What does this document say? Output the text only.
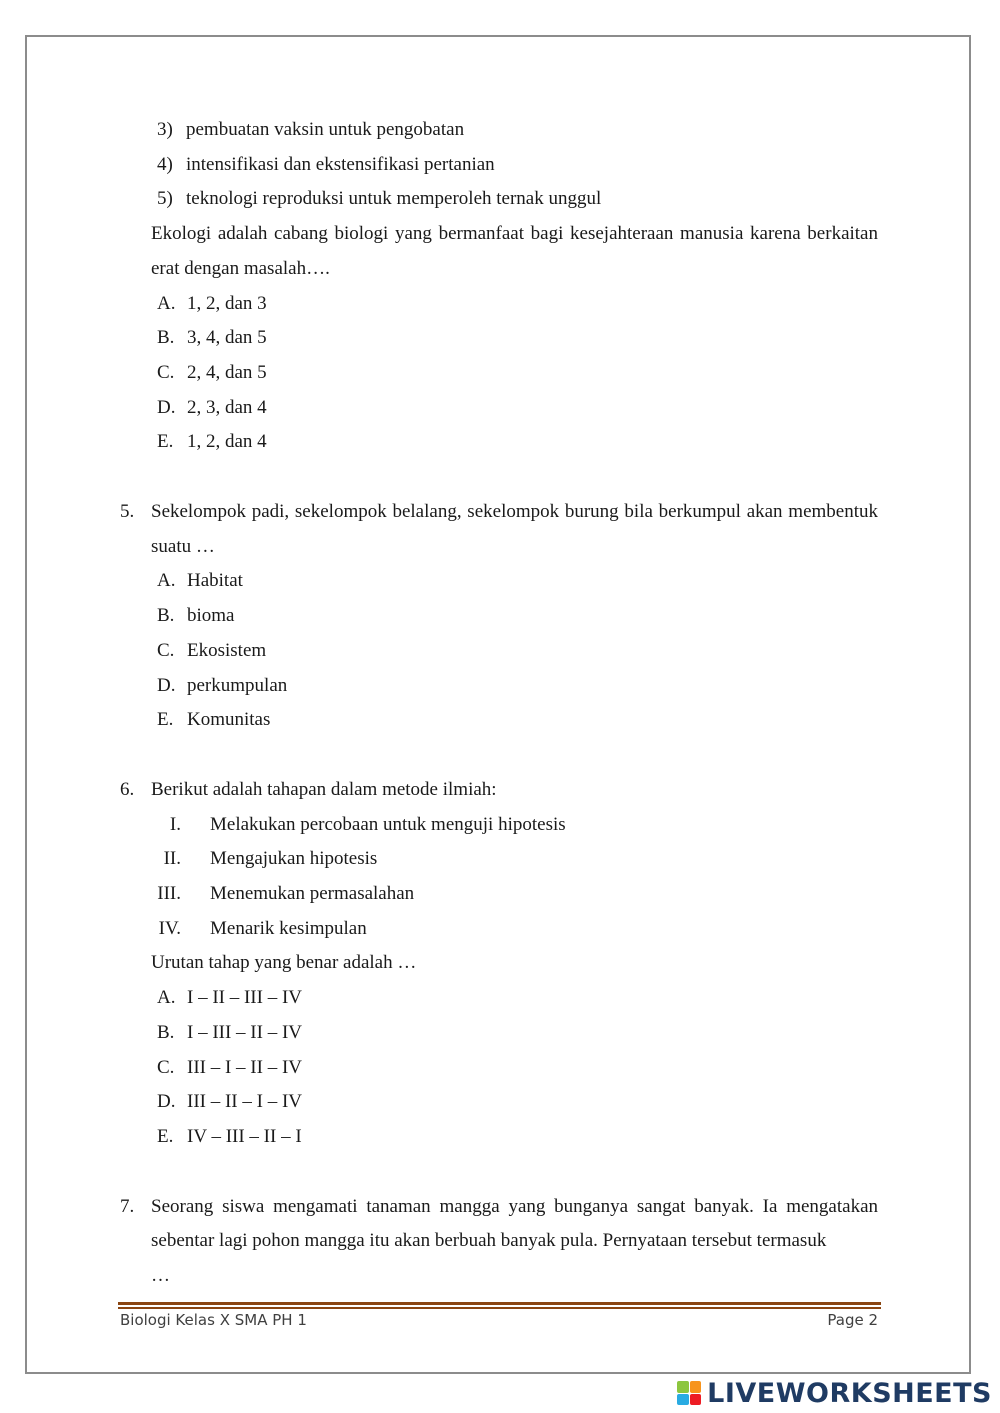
3) pembuatan vaksin untuk pengobatan
4) intensifikasi dan ekstensifikasi pertanian
5) teknologi reproduksi untuk memperoleh ternak unggul
Ekologi adalah cabang biologi yang bermanfaat bagi kesejahteraan manusia karena berkaitan erat dengan masalah….
A. 1, 2, dan 3
B. 3, 4, dan 5
C. 2, 4, dan 5
D. 2, 3, dan 4
E. 1, 2, dan 4
5. Sekelompok padi, sekelompok belalang, sekelompok burung bila berkumpul akan membentuk suatu …
A. Habitat
B. bioma
C. Ekosistem
D. perkumpulan
E. Komunitas
6. Berikut adalah tahapan dalam metode ilmiah:
I. Melakukan percobaan untuk menguji hipotesis
II. Mengajukan hipotesis
III. Menemukan permasalahan
IV. Menarik kesimpulan
Urutan tahap yang benar adalah …
A. I – II – III – IV
B. I – III – II – IV
C. III – I – II – IV
D. III – II – I – IV
E. IV – III – II – I
7. Seorang siswa mengamati tanaman mangga yang bunganya sangat banyak. Ia mengatakan sebentar lagi pohon mangga itu akan berbuah banyak pula. Pernyataan tersebut termasuk
…
Biologi Kelas X SMA PH 1	Page 2
LIVEWORKSHEETS
